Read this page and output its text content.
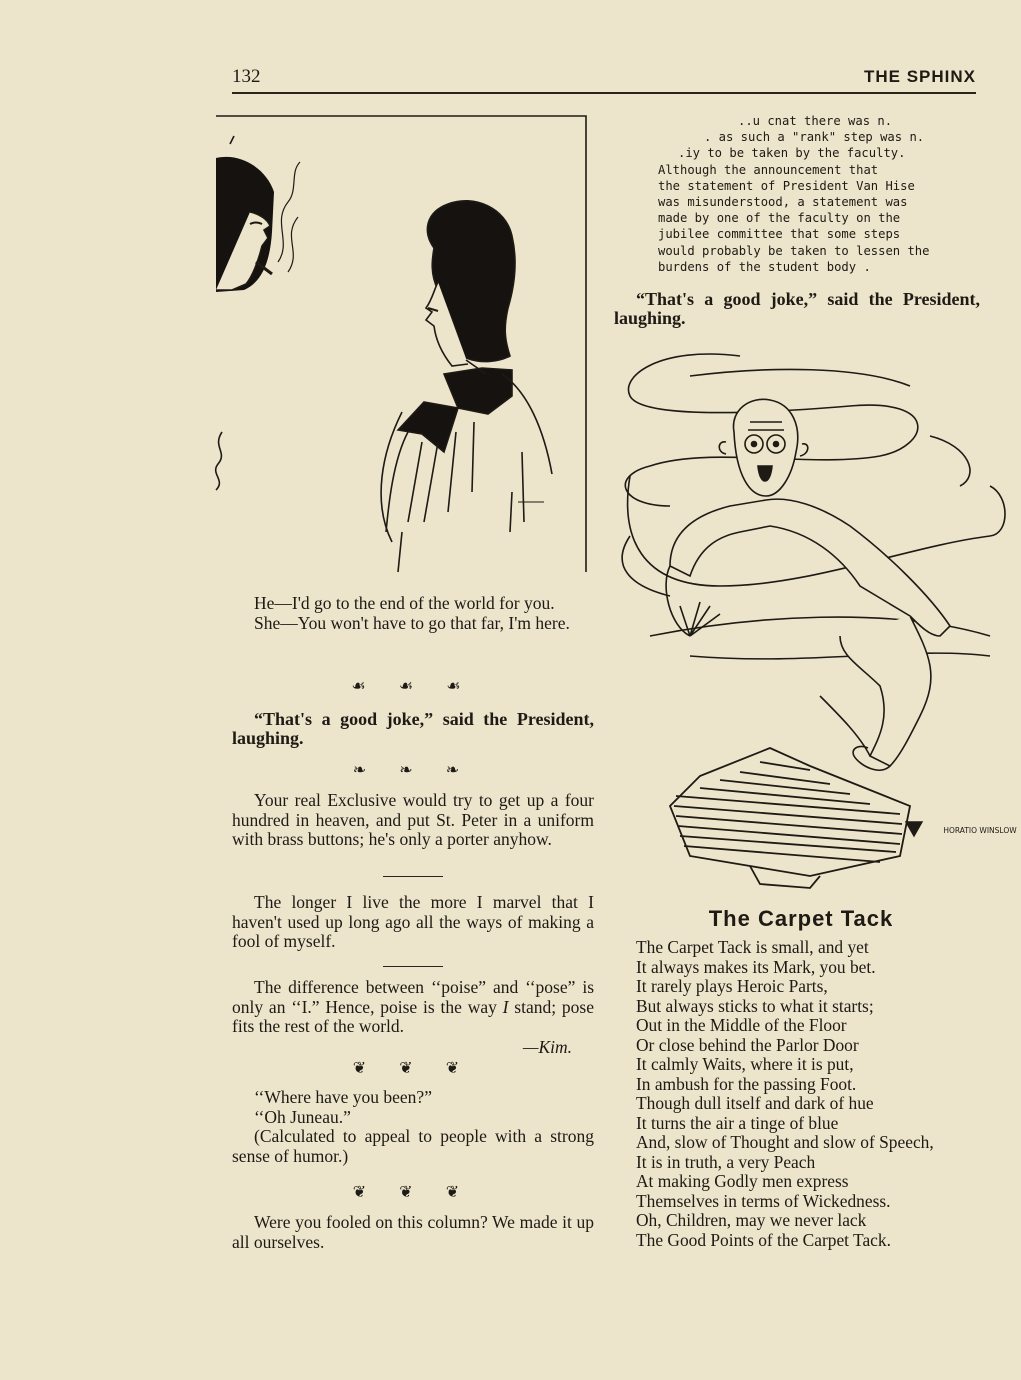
132	THE SPHINX

He—I'd go to the end of the world for you.

She—You won't have to go that far, I'm here.

☙ ☙ ☙
“That's a good joke,” said the President, laughing.
❧ ❧ ❧
Your real Exclusive would try to get up a four hundred in heaven, and put St. Peter in a uniform with brass buttons; he's only a porter anyhow.
The longer I live the more I marvel that I haven't used up long ago all the ways of making a fool of myself.
The difference between ‘‘poise” and ‘‘pose” is only an ‘‘I.” Hence, poise is the way I stand; pose fits the rest of the world.
—Kim.
❦ ❦ ❦

‘‘Where have you been?”

‘‘Oh Juneau.”

(Calculated to appeal to people with a strong sense of humor.)

❦ ❦ ❦
Were you fooled on this column? We made it up all ourselves.
..u cnat there was n.
. as such a "rank" step was n.
.iy to be taken by the faculty.
Although the announcement that
the statement of President Van Hise
was misunderstood, a statement was
made by one of the faculty on the
jubilee committee that some steps
would probably be taken to lessen the
burdens of the student body .
“That's a good joke,” said the President, laughing.
HORATIO WINSLOW
The Carpet Tack
The Carpet Tack is small, and yet
It always makes its Mark, you bet.
It rarely plays Heroic Parts,
But always sticks to what it starts;
Out in the Middle of the Floor
Or close behind the Parlor Door
It calmly Waits, where it is put,
In ambush for the passing Foot.
Though dull itself and dark of hue
It turns the air a tinge of blue
And, slow of Thought and slow of Speech,
It is in truth, a very Peach
At making Godly men express
Themselves in terms of Wickedness.
Oh, Children, may we never lack
The Good Points of the Carpet Tack.
